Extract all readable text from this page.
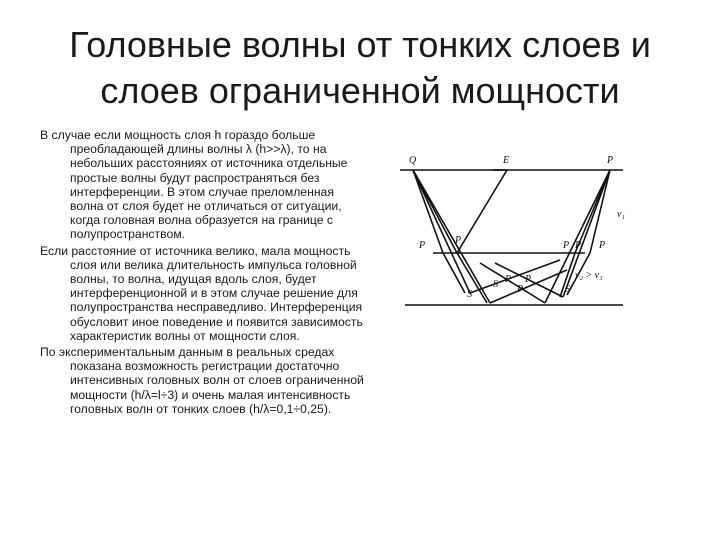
Головные волны от тонких слоев и слоев ограниченной мощности

В случае если мощность слоя h гораздо больше преобладающей длины волны λ (h>>λ), то на небольших расстояниях от источника отдельные простые волны будут распространяться без интерференции. В этом случае преломленная волна от слоя будет не отличаться от ситуации, когда головная волна образуется на границе с полупространством.

Если расстояние от источника велико, мала мощность слоя или велика длительность импульса головной волны, то волна, идущая вдоль слоя, будет интерференционной и в этом случае решение для полупространства несправедливо. Интерференция обусловит иное поведение и появится зависимость характеристик волны от мощности слоя.

По экспериментальным данным в реальных средах показана возможность регистрации достаточно интенсивных головных волн от слоев ограниченной мощности (h/λ=l÷3) и очень малая интенсивность головных волн от тонких слоев (h/λ=0,1÷0,25).

Q	E	P
v₁
P	P	P P P
P P
P
v₂ > v₁
S
S	S
